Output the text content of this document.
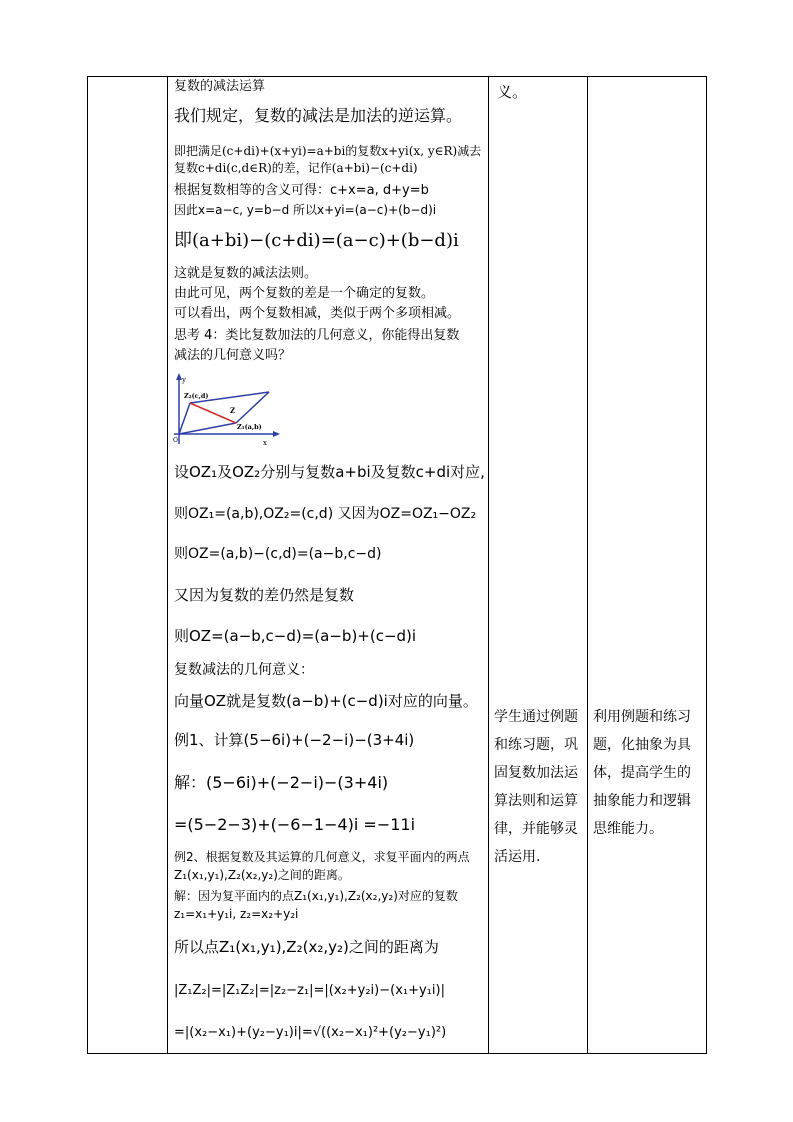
复数的减法运算
我们规定，复数的减法是加法的逆运算。
即把满足(c+di)+(x+yi)=a+bi的复数x+yi(x, y∈R)减去
复数c+di(c,d∈R)的差，记作(a+bi)−(c+di)
根据复数相等的含义可得：c+x=a, d+y=b
因此x=a−c, y=b−d 所以x+yi=(a−c)+(b−d)i
即(a+bi)−(c+di)=(a−c)+(b−d)i
这就是复数的减法法则。
由此可见，两个复数的差是一个确定的复数。
可以看出，两个复数相减，类似于两个多项相减。
思考 4：类比复数加法的几何意义，你能得出复数
减法的几何意义吗？
y
x
O
Z₂(c,d)
Z
Z₁(a,b)
设OZ₁及OZ₂分别与复数a+bi及复数c+di对应,
则OZ₁=(a,b),OZ₂=(c,d) 又因为OZ=OZ₁−OZ₂
则OZ=(a,b)−(c,d)=(a−b,c−d)
又因为复数的差仍然是复数
则OZ=(a−b,c−d)=(a−b)+(c−d)i
复数减法的几何意义：
向量OZ就是复数(a−b)+(c−d)i对应的向量。
例1、计算(5−6i)+(−2−i)−(3+4i)
解：(5−6i)+(−2−i)−(3+4i)
=(5−2−3)+(−6−1−4)i =−11i
例2、根据复数及其运算的几何意义，求复平面内的两点
Z₁(x₁,y₁),Z₂(x₂,y₂)之间的距离。
解：因为复平面内的点Z₁(x₁,y₁),Z₂(x₂,y₂)对应的复数
z₁=x₁+y₁i, z₂=x₂+y₂i
所以点Z₁(x₁,y₁),Z₂(x₂,y₂)之间的距离为
|Z₁Z₂|=|Z₁Z₂|=|z₂−z₁|=|(x₂+y₂i)−(x₁+y₁i)|
=|(x₂−x₁)+(y₂−y₁)i|=√((x₂−x₁)²+(y₂−y₁)²)
义。
学生通过例题和练习题，巩固复数加法运算法则和运算律，并能够灵活运用.
利用例题和练习题，化抽象为具体，提高学生的抽象能力和逻辑思维能力。
